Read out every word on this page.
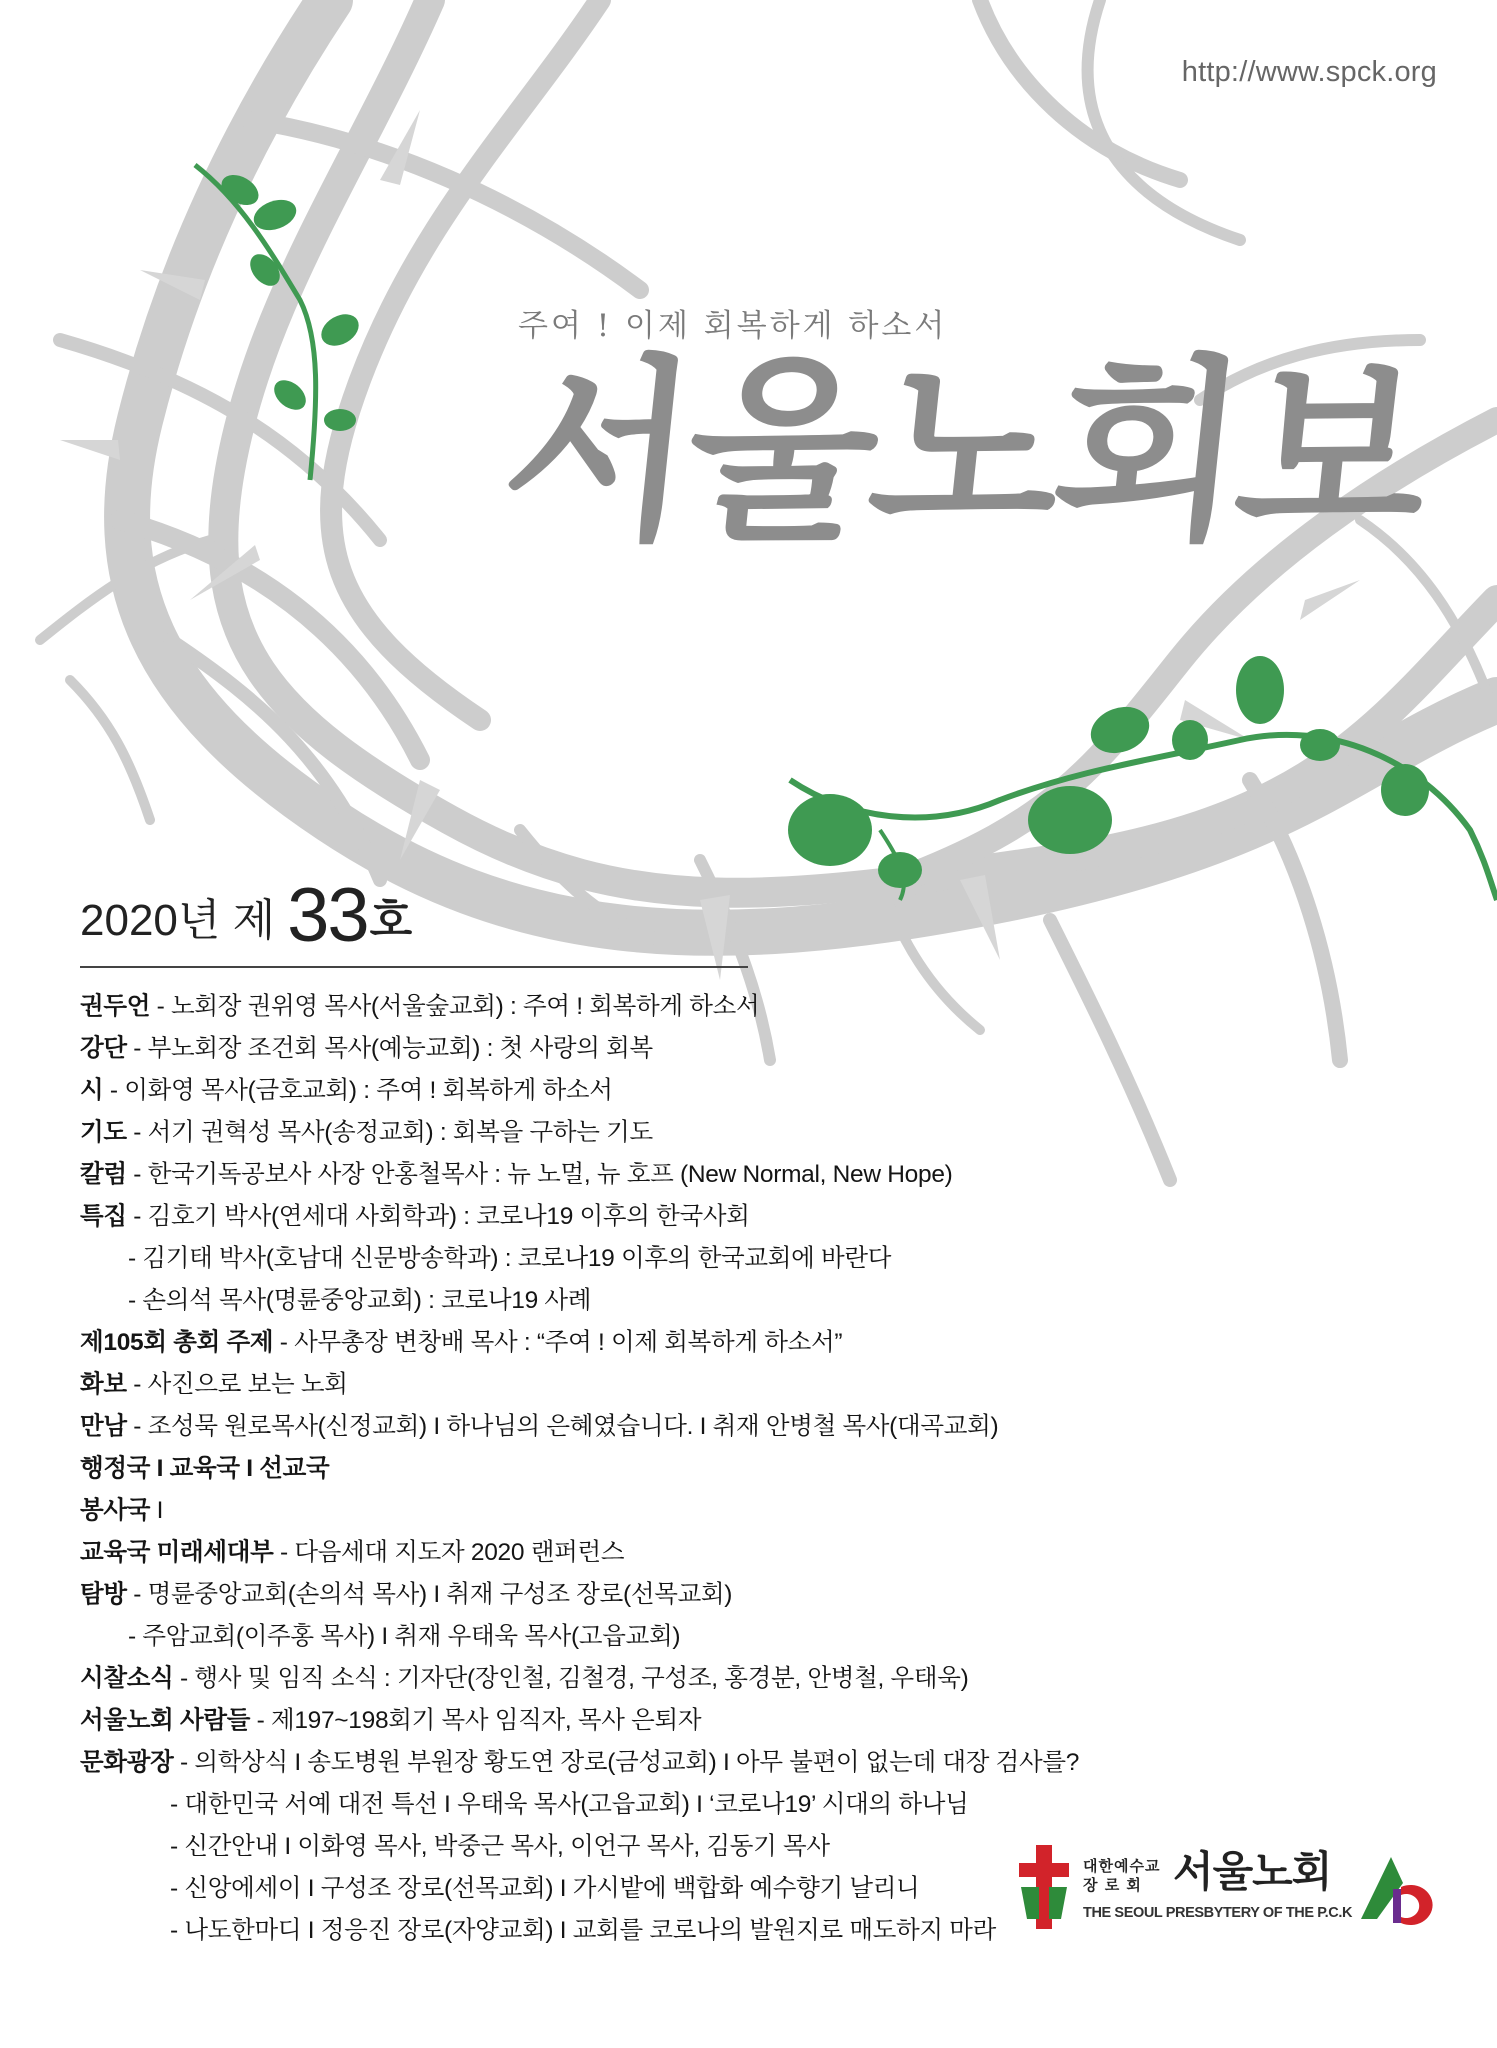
http://www.spck.org
주여 ! 이제 회복하게 하소서
서울노회보
2020년 제 33 호
권두언 - 노회장 권위영 목사(서울숲교회) : 주여 ! 회복하게 하소서
강단 - 부노회장 조건회 목사(예능교회) : 첫 사랑의 회복
시 - 이화영 목사(금호교회) : 주여 ! 회복하게 하소서
기도 - 서기 권혁성 목사(송정교회) : 회복을 구하는 기도
칼럼 - 한국기독공보사 사장 안홍철목사 : 뉴 노멀, 뉴 호프 (New Normal, New Hope)
특집 - 김호기 박사(연세대 사회학과) : 코로나19 이후의 한국사회
- 김기태 박사(호남대 신문방송학과) : 코로나19 이후의 한국교회에 바란다
- 손의석 목사(명륜중앙교회) : 코로나19 사례
제105회 총회 주제 - 사무총장 변창배 목사 : “주여 ! 이제 회복하게 하소서”
화보 - 사진으로 보는 노회
만남 - 조성묵 원로목사(신정교회) I 하나님의 은혜였습니다. I 취재 안병철 목사(대곡교회)
행정국 I 교육국 I 선교국
봉사국 I
교육국 미래세대부 - 다음세대 지도자 2020 랜퍼런스
탐방 - 명륜중앙교회(손의석 목사) I 취재 구성조 장로(선목교회)
- 주암교회(이주홍 목사) I 취재 우태욱 목사(고읍교회)
시찰소식 - 행사 및 임직 소식 : 기자단(장인철, 김철경, 구성조, 홍경분, 안병철, 우태욱)
서울노회 사람들 - 제197~198회기 목사 임직자, 목사 은퇴자
문화광장 - 의학상식 I 송도병원 부원장 황도연 장로(금성교회) I 아무 불편이 없는데 대장 검사를?
- 대한민국 서예 대전 특선 I 우태욱 목사(고읍교회) I ‘코로나19’ 시대의 하나님
- 신간안내 I 이화영 목사, 박중근 목사, 이언구 목사, 김동기 목사
- 신앙에세이 I 구성조 장로(선목교회) I 가시밭에 백합화 예수향기 날리니
- 나도한마디 I 정응진 장로(자양교회) I 교회를 코로나의 발원지로 매도하지 마라
대한예수교
장 로 회 서울노회
THE SEOUL PRESBYTERY OF THE P.C.K
